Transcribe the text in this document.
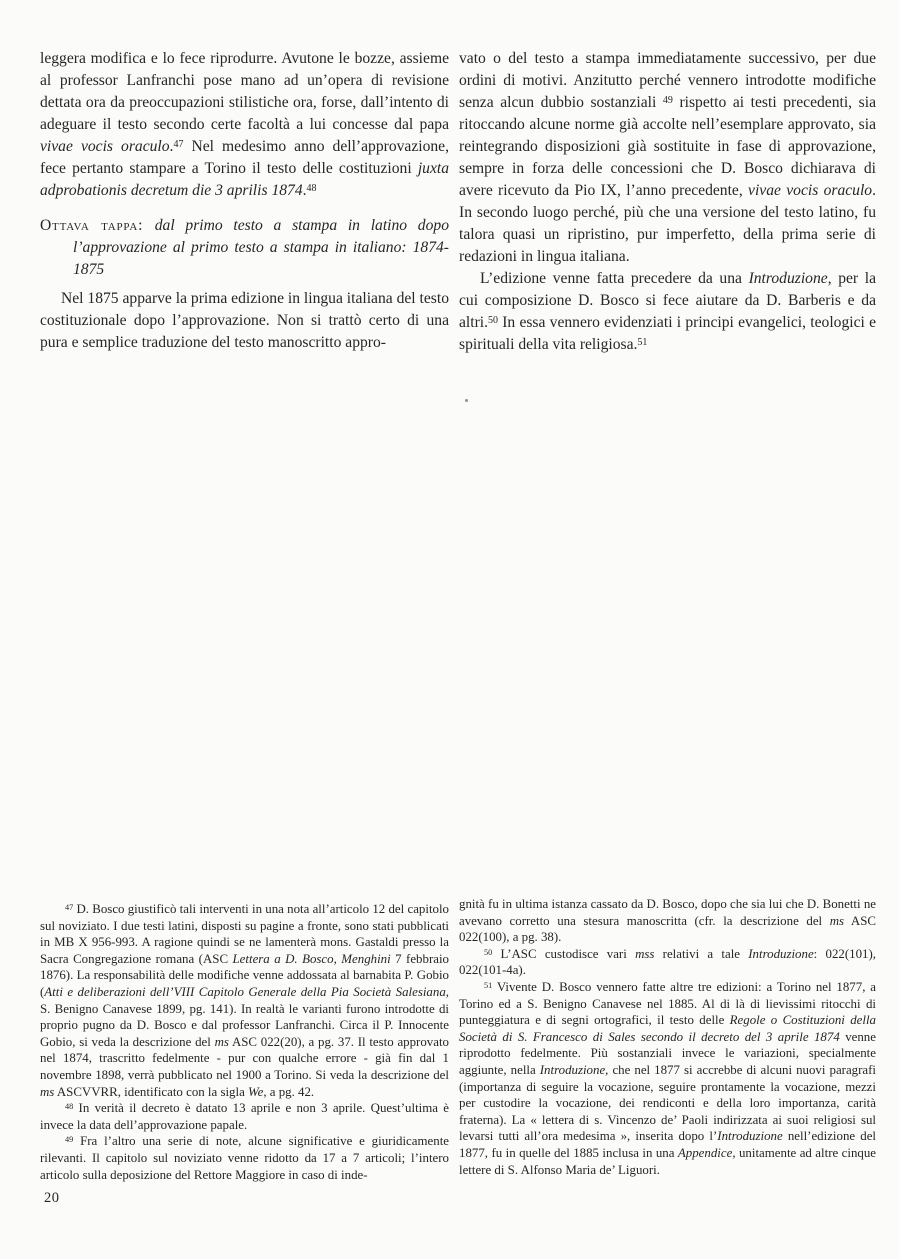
leggera modifica e lo fece riprodurre. Avutone le bozze, assieme al professor Lanfranchi pose mano ad un’opera di revisione dettata ora da preoccupazioni stilistiche ora, forse, dall’intento di adeguare il testo secondo certe facoltà a lui concesse dal papa vivae vocis oraculo.$^{47}$ Nel medesimo anno dell’approvazione, fece pertanto stampare a Torino il testo delle costituzioni juxta adprobationis decretum die 3 aprilis 1874.48

Ottava tappa: dal primo testo a stampa in latino dopo l’approvazione al primo testo a stampa in italiano: 1874-1875

Nel 1875 apparve la prima edizione in lingua italiana del testo costituzionale dopo l’approvazione. Non si trattò certo di una pura e semplice traduzione del testo manoscritto appro-

vato o del testo a stampa immediatamente successivo, per due ordini di motivi. Anzitutto perché vennero introdotte modifiche senza alcun dubbio sostanziali $^{49}$ rispetto ai testi precedenti, sia ritoccando alcune norme già accolte nell’esemplare approvato, sia reintegrando disposizioni già sostituite in fase di approvazione, sempre in forza delle concessioni che D. Bosco dichiarava di avere ricevuto da Pio IX, l’anno precedente, vivae vocis oraculo. In secondo luogo perché, più che una versione del testo latino, fu talora quasi un ripristino, pur imperfetto, della prima serie di redazioni in lingua italiana.

L’edizione venne fatta precedere da una Introduzione, per la cui composizione D. Bosco si fece aiutare da D. Barberis e da altri.$^{50}$ In essa vennero evidenziati i principi evangelici, teologici e spirituali della vita religiosa.$^{51}$

$^{47}$ D. Bosco giustificò tali interventi in una nota all’articolo 12 del capitolo sul noviziato. I due testi latini, disposti su pagine a fronte, sono stati pubblicati in MB X 956-993. A ragione quindi se ne lamenterà mons. Gastaldi presso la Sacra Congregazione romana (ASC Lettera a D. Bosco, Menghini 7 febbraio 1876). La responsabilità delle modifiche venne addossata al barnabita P. Gobio (Atti e deliberazioni dell’VIII Capitolo Generale della Pia Società Salesiana, S. Benigno Canavese 1899, pg. 141). In realtà le varianti furono introdotte di proprio pugno da D. Bosco e dal professor Lanfranchi. Circa il P. Innocente Gobio, si veda la descrizione del ms ASC 022(20), a pg. 37. Il testo approvato nel 1874, trascritto fedelmente - pur con qualche errore - già fin dal 1 novembre 1898, verrà pubblicato nel 1900 a Torino. Si veda la descrizione del ms ASCVVRR, identificato con la sigla We, a pg. 42.

$^{48}$ In verità il decreto è datato 13 aprile e non 3 aprile. Quest’ultima è invece la data dell’approvazione papale.

$^{49}$ Fra l’altro una serie di note, alcune significative e giuridicamente rilevanti. Il capitolo sul noviziato venne ridotto da 17 a 7 articoli; l’intero articolo sulla deposizione del Rettore Maggiore in caso di inde-

gnità fu in ultima istanza cassato da D. Bosco, dopo che sia lui che D. Bonetti ne avevano corretto una stesura manoscritta (cfr. la descrizione del ms ASC 022(100), a pg. 38).

$^{50}$ L’ASC custodisce vari mss relativi a tale Introduzione: 022(101), 022(101-4a).

$^{51}$ Vivente D. Bosco vennero fatte altre tre edizioni: a Torino nel 1877, a Torino ed a S. Benigno Canavese nel 1885. Al di là di lievissimi ritocchi di punteggiatura e di segni ortografici, il testo delle Regole o Costituzioni della Società di S. Francesco di Sales secondo il decreto del 3 aprile 1874 venne riprodotto fedelmente. Più sostanziali invece le variazioni, specialmente aggiunte, nella Introduzione, che nel 1877 si accrebbe di alcuni nuovi paragrafi (importanza di seguire la vocazione, seguire prontamente la vocazione, mezzi per custodire la vocazione, dei rendiconti e della loro importanza, carità fraterna). La « lettera di s. Vincenzo de’ Paoli indirizzata ai suoi religiosi sul levarsi tutti all’ora medesima », inserita dopo l’Introduzione nell’edizione del 1877, fu in quelle del 1885 inclusa in una Appendice, unitamente ad altre cinque lettere di S. Alfonso Maria de’ Liguori.

20
